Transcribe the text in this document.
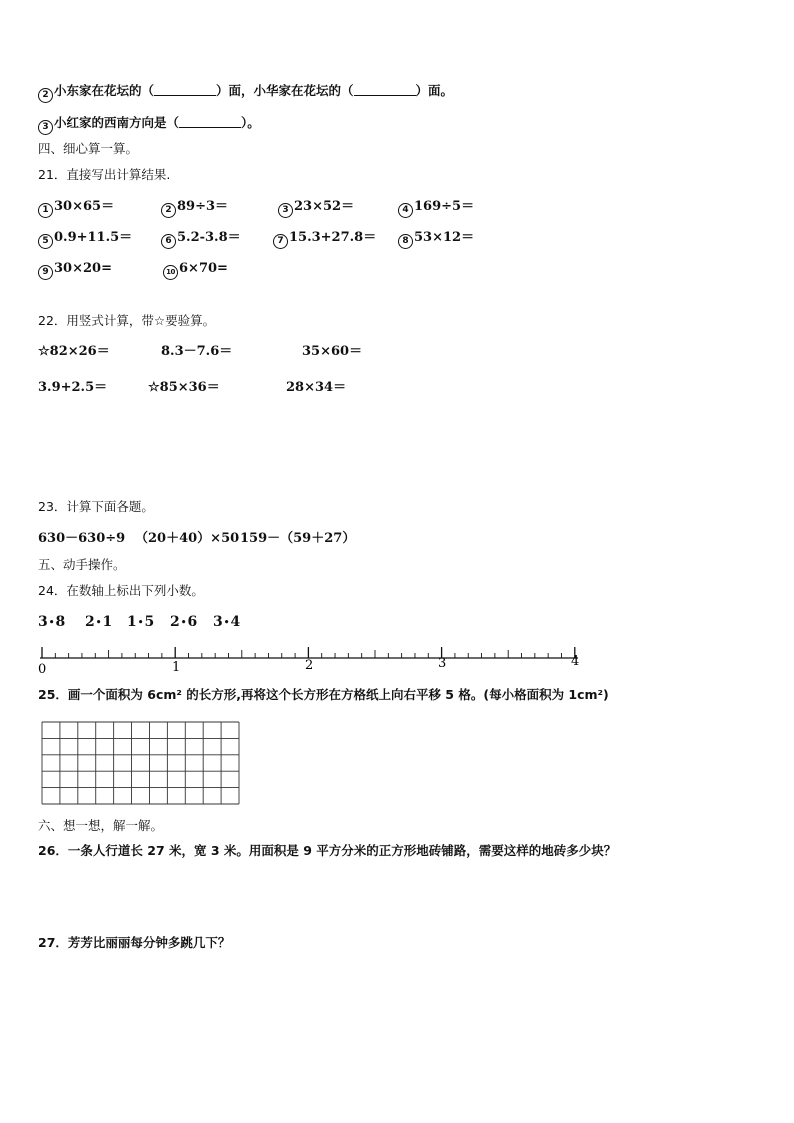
2 小东家在花坛的（	）面，小华家在花坛的（	）面。
3 小红家的西南方向是（	）。
四、细心算一算。
21．直接写出计算结果.
1 30×65＝	2 89÷3＝	3 23×52＝	4 169÷5＝
5 0.9+11.5＝	6 5.2-3.8＝	7 15.3+27.8＝	8 53×12＝
9 30×20=	10 6×70=
22．用竖式计算，带☆要验算。
☆82×26＝	8.3－7.6＝	35×60＝
3.9+2.5＝	☆85×36＝	28×34＝
23．计算下面各题。
630－630÷9 （20＋40）×50 159－（59＋27）
五、动手操作。
24．在数轴上标出下列小数。
3•8 2•1 1•5 2•6 3•4
0	1	2	3	4
25．画一个面积为 6cm² 的长方形,再将这个长方形在方格纸上向右平移 5 格。(每小格面积为 1cm²)
六、想一想，解一解。
26．一条人行道长 27 米，宽 3 米。用面积是 9 平方分米的正方形地砖铺路，需要这样的地砖多少块？
27．芳芳比丽丽每分钟多跳几下？
